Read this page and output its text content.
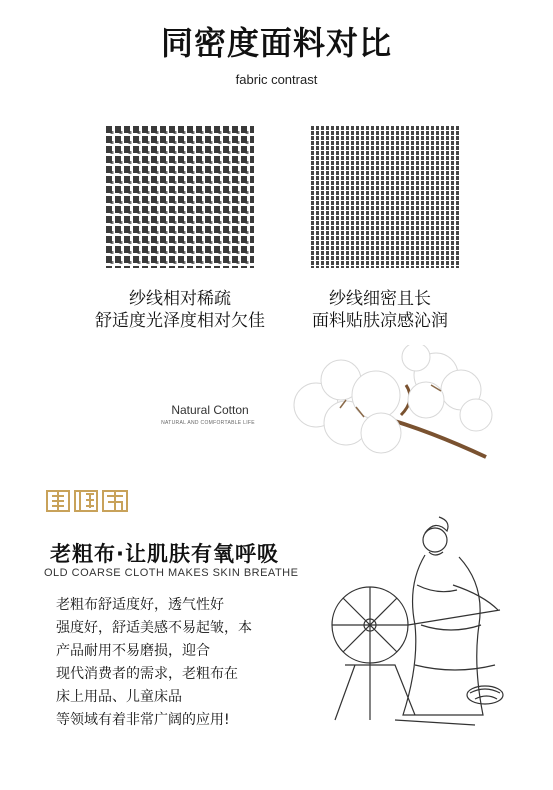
同密度面料对比
fabric contrast
纱线相对稀疏
舒适度光泽度相对欠佳
纱线细密且长
面料贴肤凉感沁润
Natural Cotton
NATURAL AND COMFORTABLE LIFE
老粗布·让肌肤有氧呼吸
OLD COARSE CLOTH MAKES SKIN BREATHE
老粗布舒适度好，透气性好
强度好，舒适美感不易起皱，本
产品耐用不易磨损，迎合
现代消费者的需求，老粗布在
床上用品、儿童床品
等领域有着非常广阔的应用!
